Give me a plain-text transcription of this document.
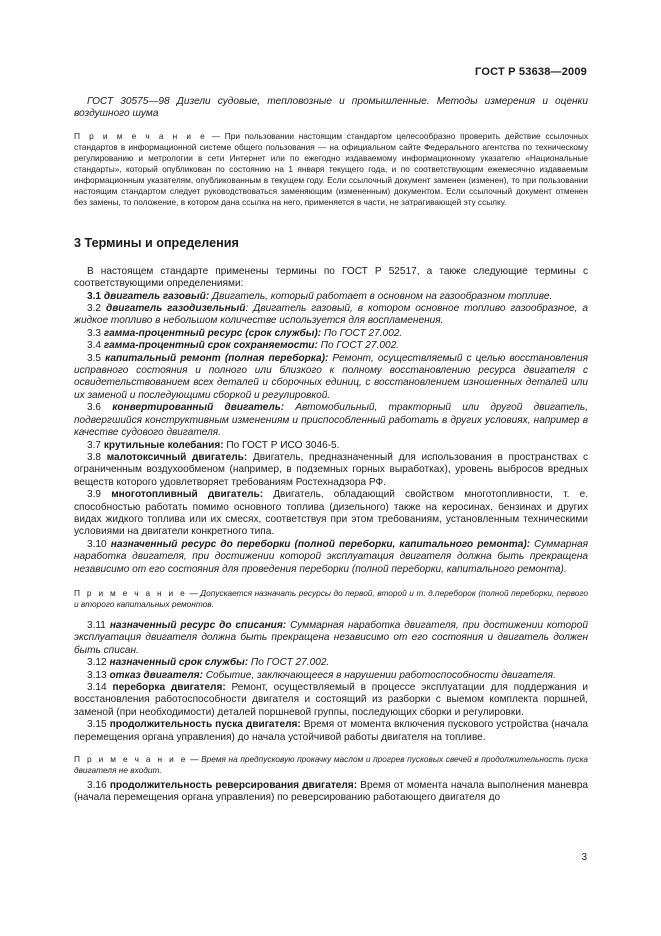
ГОСТ Р 53638—2009

ГОСТ 30575—98 Дизели судовые, тепловозные и промышленные. Методы измерения и оценки воздушного шума

П р и м е ч а н и е — При пользовании настоящим стандартом целесообразно проверить действие ссылочных стандартов в информационной системе общего пользования — на официальном сайте Федерального агентства по техническому регулированию и метрологии в сети Интернет или по ежегодно издаваемому информационному указателю «Национальные стандарты», который опубликован по состоянию на 1 января текущего года, и по соответствующим ежемесячно издаваемым информационным указателям, опубликованным в текущем году. Если ссылочный документ заменен (изменен), то при пользовании настоящим стандартом следует руководствоваться заменяющим (измененным) документом. Если ссылочный документ отменен без замены, то положение, в котором дана ссылка на него, применяется в части, не затрагивающей эту ссылку.

3 Термины и определения

В настоящем стандарте применены термины по ГОСТ Р 52517, а также следующие термины с соответствующими определениями:

3.1 двигатель газовый: Двигатель, который работает в основном на газообразном топливе.

3.2 двигатель газодизельный: Двигатель газовый, в котором основное топливо газообразное, а жидкое топливо в небольшом количестве используется для воспламенения.

3.3 гамма-процентный ресурс (срок службы): По ГОСТ 27.002.

3.4 гамма-процентный срок сохраняемости: По ГОСТ 27.002.

3.5 капитальный ремонт (полная переборка): Ремонт, осуществляемый с целью восстановления исправного состояния и полного или близкого к полному восстановлению ресурса двигателя с освидетельствованием всех деталей и сборочных единиц, с восстановлением изношенных деталей или их заменой и последующими сборкой и регулировкой.

3.6 конвертированный двигатель: Автомобильный, тракторный или другой двигатель, подвергшийся конструктивным изменениям и приспособленный работать в других условиях, например в качестве судового двигателя.

3.7 крутильные колебания: По ГОСТ Р ИСО 3046-5.

3.8 малотоксичный двигатель: Двигатель, предназначенный для использования в пространствах с ограниченным воздухообменом (например, в подземных горных выработках), уровень выбросов вредных веществ которого удовлетворяет требованиям Ростехнадзора РФ.

3.9 многотопливный двигатель: Двигатель, обладающий свойством многотопливности, т. е. способностью работать помимо основного топлива (дизельного) также на керосинах, бензинах и других видах жидкого топлива или их смесях, соответствуя при этом требованиям, установленным техническими условиями на двигатели конкретного типа.

3.10 назначенный ресурс до переборки (полной переборки, капитального ремонта): Суммарная наработка двигателя, при достижении которой эксплуатация двигателя должна быть прекращена независимо от его состояния для проведения переборки (полной переборки, капитального ремонта).

П р и м е ч а н и е — Допускается назначать ресурсы до первой, второй и т. д.переборок (полной переборки, первого и второго капитальных ремонтов.

3.11 назначенный ресурс до списания: Суммарная наработка двигателя, при достижении которой эксплуатация двигателя должна быть прекращена независимо от его состояния и двигатель должен быть списан.

3.12 назначенный срок службы: По ГОСТ 27.002.

3.13 отказ двигателя: Событие, заключающееся в нарушении работоспособности двигателя.

3.14 переборка двигателя: Ремонт, осуществляемый в процессе эксплуатации для поддержания и восстановления работоспособности двигателя и состоящий из разборки с выемом комплекта поршней, заменой (при необходимости) деталей поршневой группы, последующих сборки и регулировки.

3.15 продолжительность пуска двигателя: Время от момента включения пускового устройства (начала перемещения органа управления) до начала устойчивой работы двигателя на топливе.

П р и м е ч а н и е — Время на предпусковую прокачку маслом и прогрев пусковых свечей в продолжительность пуска двигателя не входит.

3.16 продолжительность реверсирования двигателя: Время от момента начала выполнения маневра (начала перемещения органа управления) по реверсированию работающего двигателя до

3
